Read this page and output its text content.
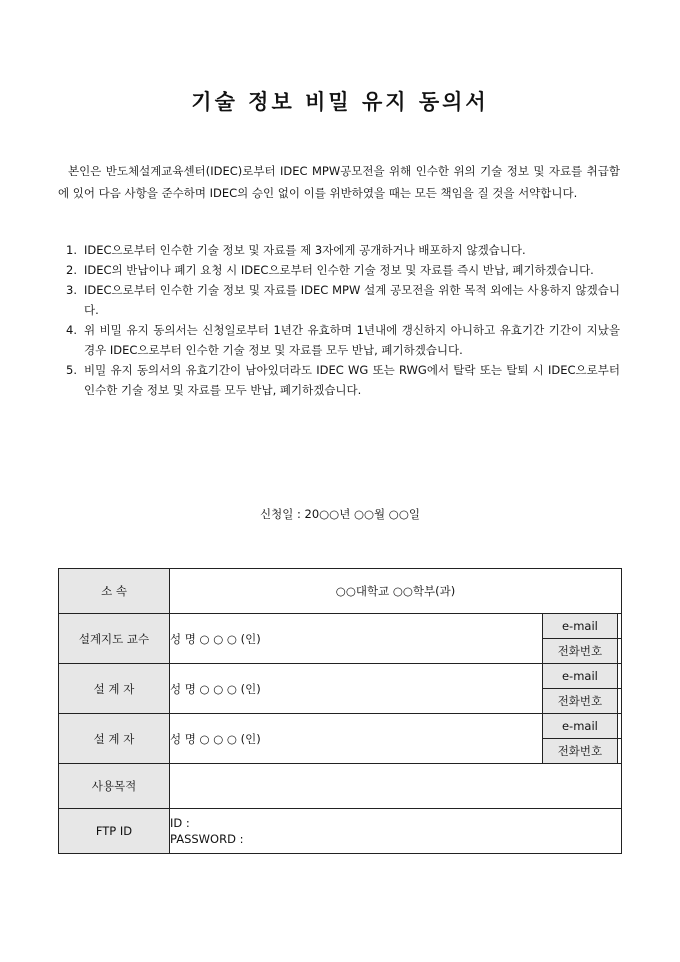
기술 정보 비밀 유지 동의서

본인은 반도체설계교육센터(IDEC)로부터 IDEC MPW공모전을 위해 인수한 위의 기술 정보 및 자료를 취급함에 있어 다음 사항을 준수하며 IDEC의 승인 없이 이를 위반하였을 때는 모든 책임을 질 것을 서약합니다.

1. IDEC으로부터 인수한 기술 정보 및 자료를 제 3자에게 공개하거나 배포하지 않겠습니다.
2. IDEC의 반납이나 폐기 요청 시 IDEC으로부터 인수한 기술 정보 및 자료를 즉시 반납, 폐기하겠습니다.
3. IDEC으로부터 인수한 기술 정보 및 자료를 IDEC MPW 설계 공모전을 위한 목적 외에는 사용하지 않겠습니다.
4. 위 비밀 유지 동의서는 신청일로부터 1년간 유효하며 1년내에 갱신하지 아니하고 유효기간 기간이 지났을 경우 IDEC으로부터 인수한 기술 정보 및 자료를 모두 반납, 폐기하겠습니다.
5. 비밀 유지 동의서의 유효기간이 남아있더라도 IDEC WG 또는 RWG에서 탈락 또는 탈퇴 시 IDEC으로부터 인수한 기술 정보 및 자료를 모두 반납, 폐기하겠습니다.
신청일 : 20○○년 ○○월 ○○일
소 속	○○대학교 ○○학부(과)		
설계지도 교수	성 명 ○ ○ ○ (인)	e-mail	
		전화번호	
설 계 자	성 명 ○ ○ ○ (인)	e-mail	
		전화번호	
설 계 자	성 명 ○ ○ ○ (인)	e-mail	
		전화번호	
사용목적			
FTP ID	ID :
PASSWORD :		
